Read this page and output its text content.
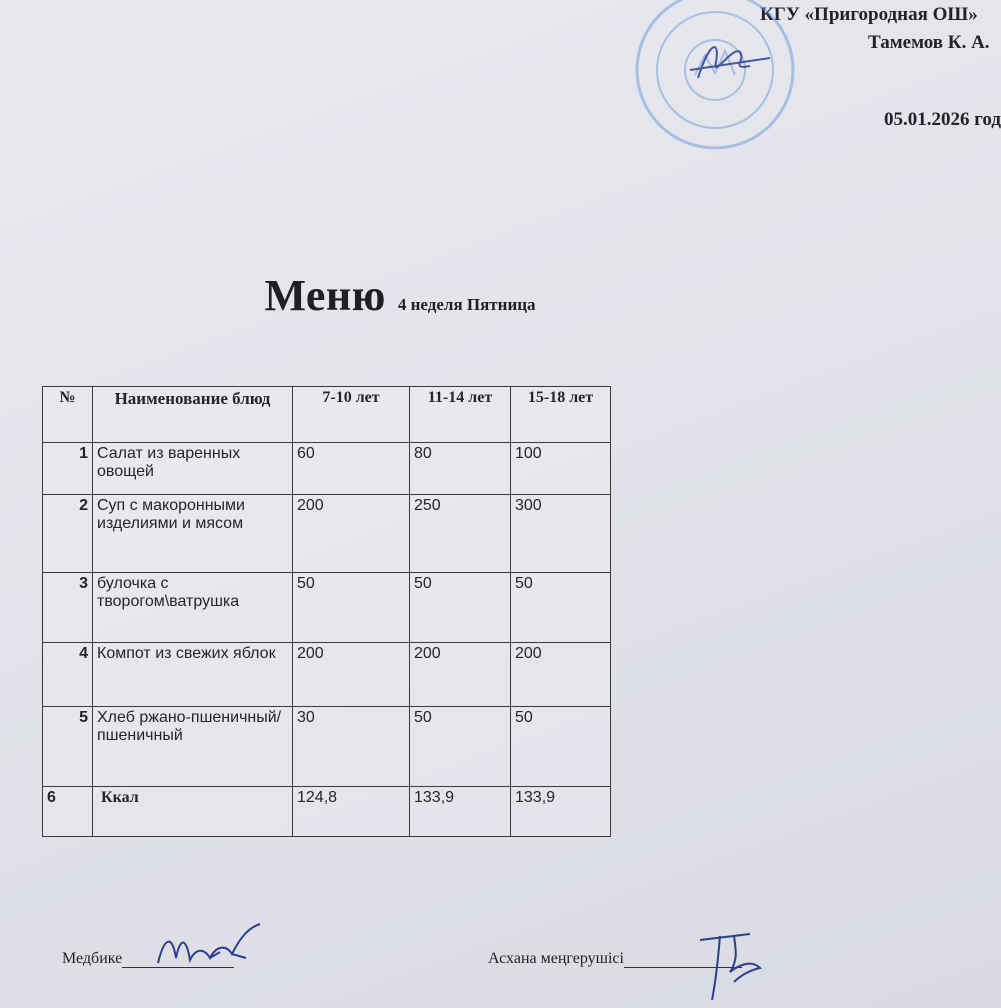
КГУ «Пригородная ОШ»
Тамемов К. А.
05.01.2026 год
Меню 4 неделя Пятница
№	Наименование блюд	7-10 лет	11-14 лет	15-18 лет
1	Салат из варенных овощей	60	80	100
2	Суп с макоронными изделиями и мясом	200	250	300
3	булочка с творогом\ватрушка	50	50	50
4	Компот из свежих яблок	200	200	200
5	Хлеб ржано-пшеничный/ пшеничный	30	50	50
6	Ккал	124,8	133,9	133,9
Медбике	Асхана меңгерушісі
